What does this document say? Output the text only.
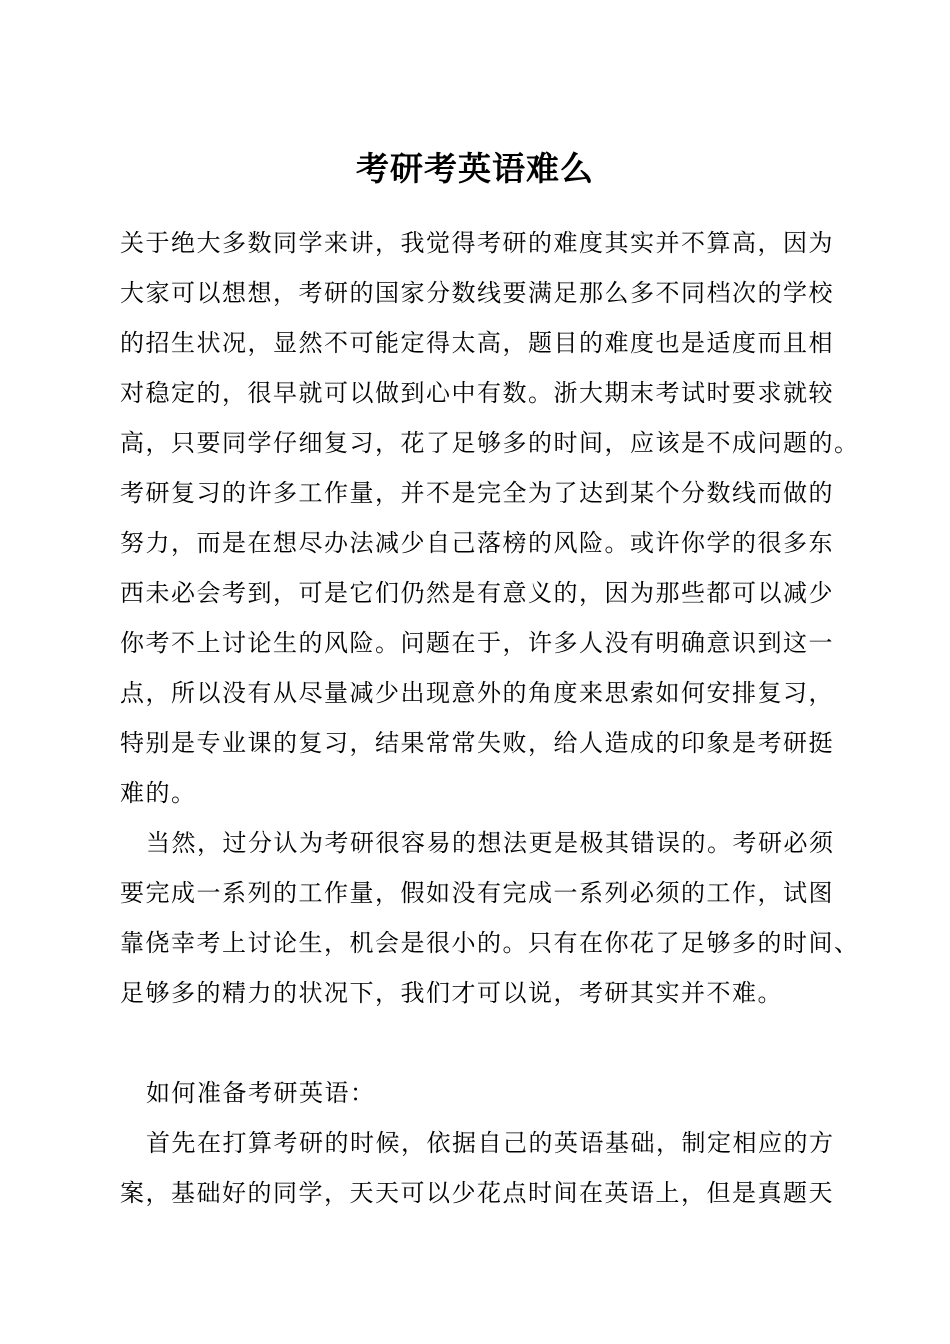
考研考英语难么
关于绝大多数同学来讲，我觉得考研的难度其实并不算高，因为
大家可以想想，考研的国家分数线要满足那么多不同档次的学校
的招生状况，显然不可能定得太高，题目的难度也是适度而且相
对稳定的，很早就可以做到心中有数。浙大期末考试时要求就较
高，只要同学仔细复习，花了足够多的时间，应该是不成问题的。
考研复习的许多工作量，并不是完全为了达到某个分数线而做的
努力，而是在想尽办法减少自己落榜的风险。或许你学的很多东
西未必会考到，可是它们仍然是有意义的，因为那些都可以减少
你考不上讨论生的风险。问题在于，许多人没有明确意识到这一
点，所以没有从尽量减少出现意外的角度来思索如何安排复习，
特别是专业课的复习，结果常常失败，给人造成的印象是考研挺
难的。
当然，过分认为考研很容易的想法更是极其错误的。考研必须
要完成一系列的工作量，假如没有完成一系列必须的工作，试图
靠侥幸考上讨论生，机会是很小的。只有在你花了足够多的时间、
足够多的精力的状况下，我们才可以说，考研其实并不难。
如何准备考研英语：
首先在打算考研的时候，依据自己的英语基础，制定相应的方
案，基础好的同学，天天可以少花点时间在英语上，但是真题天
